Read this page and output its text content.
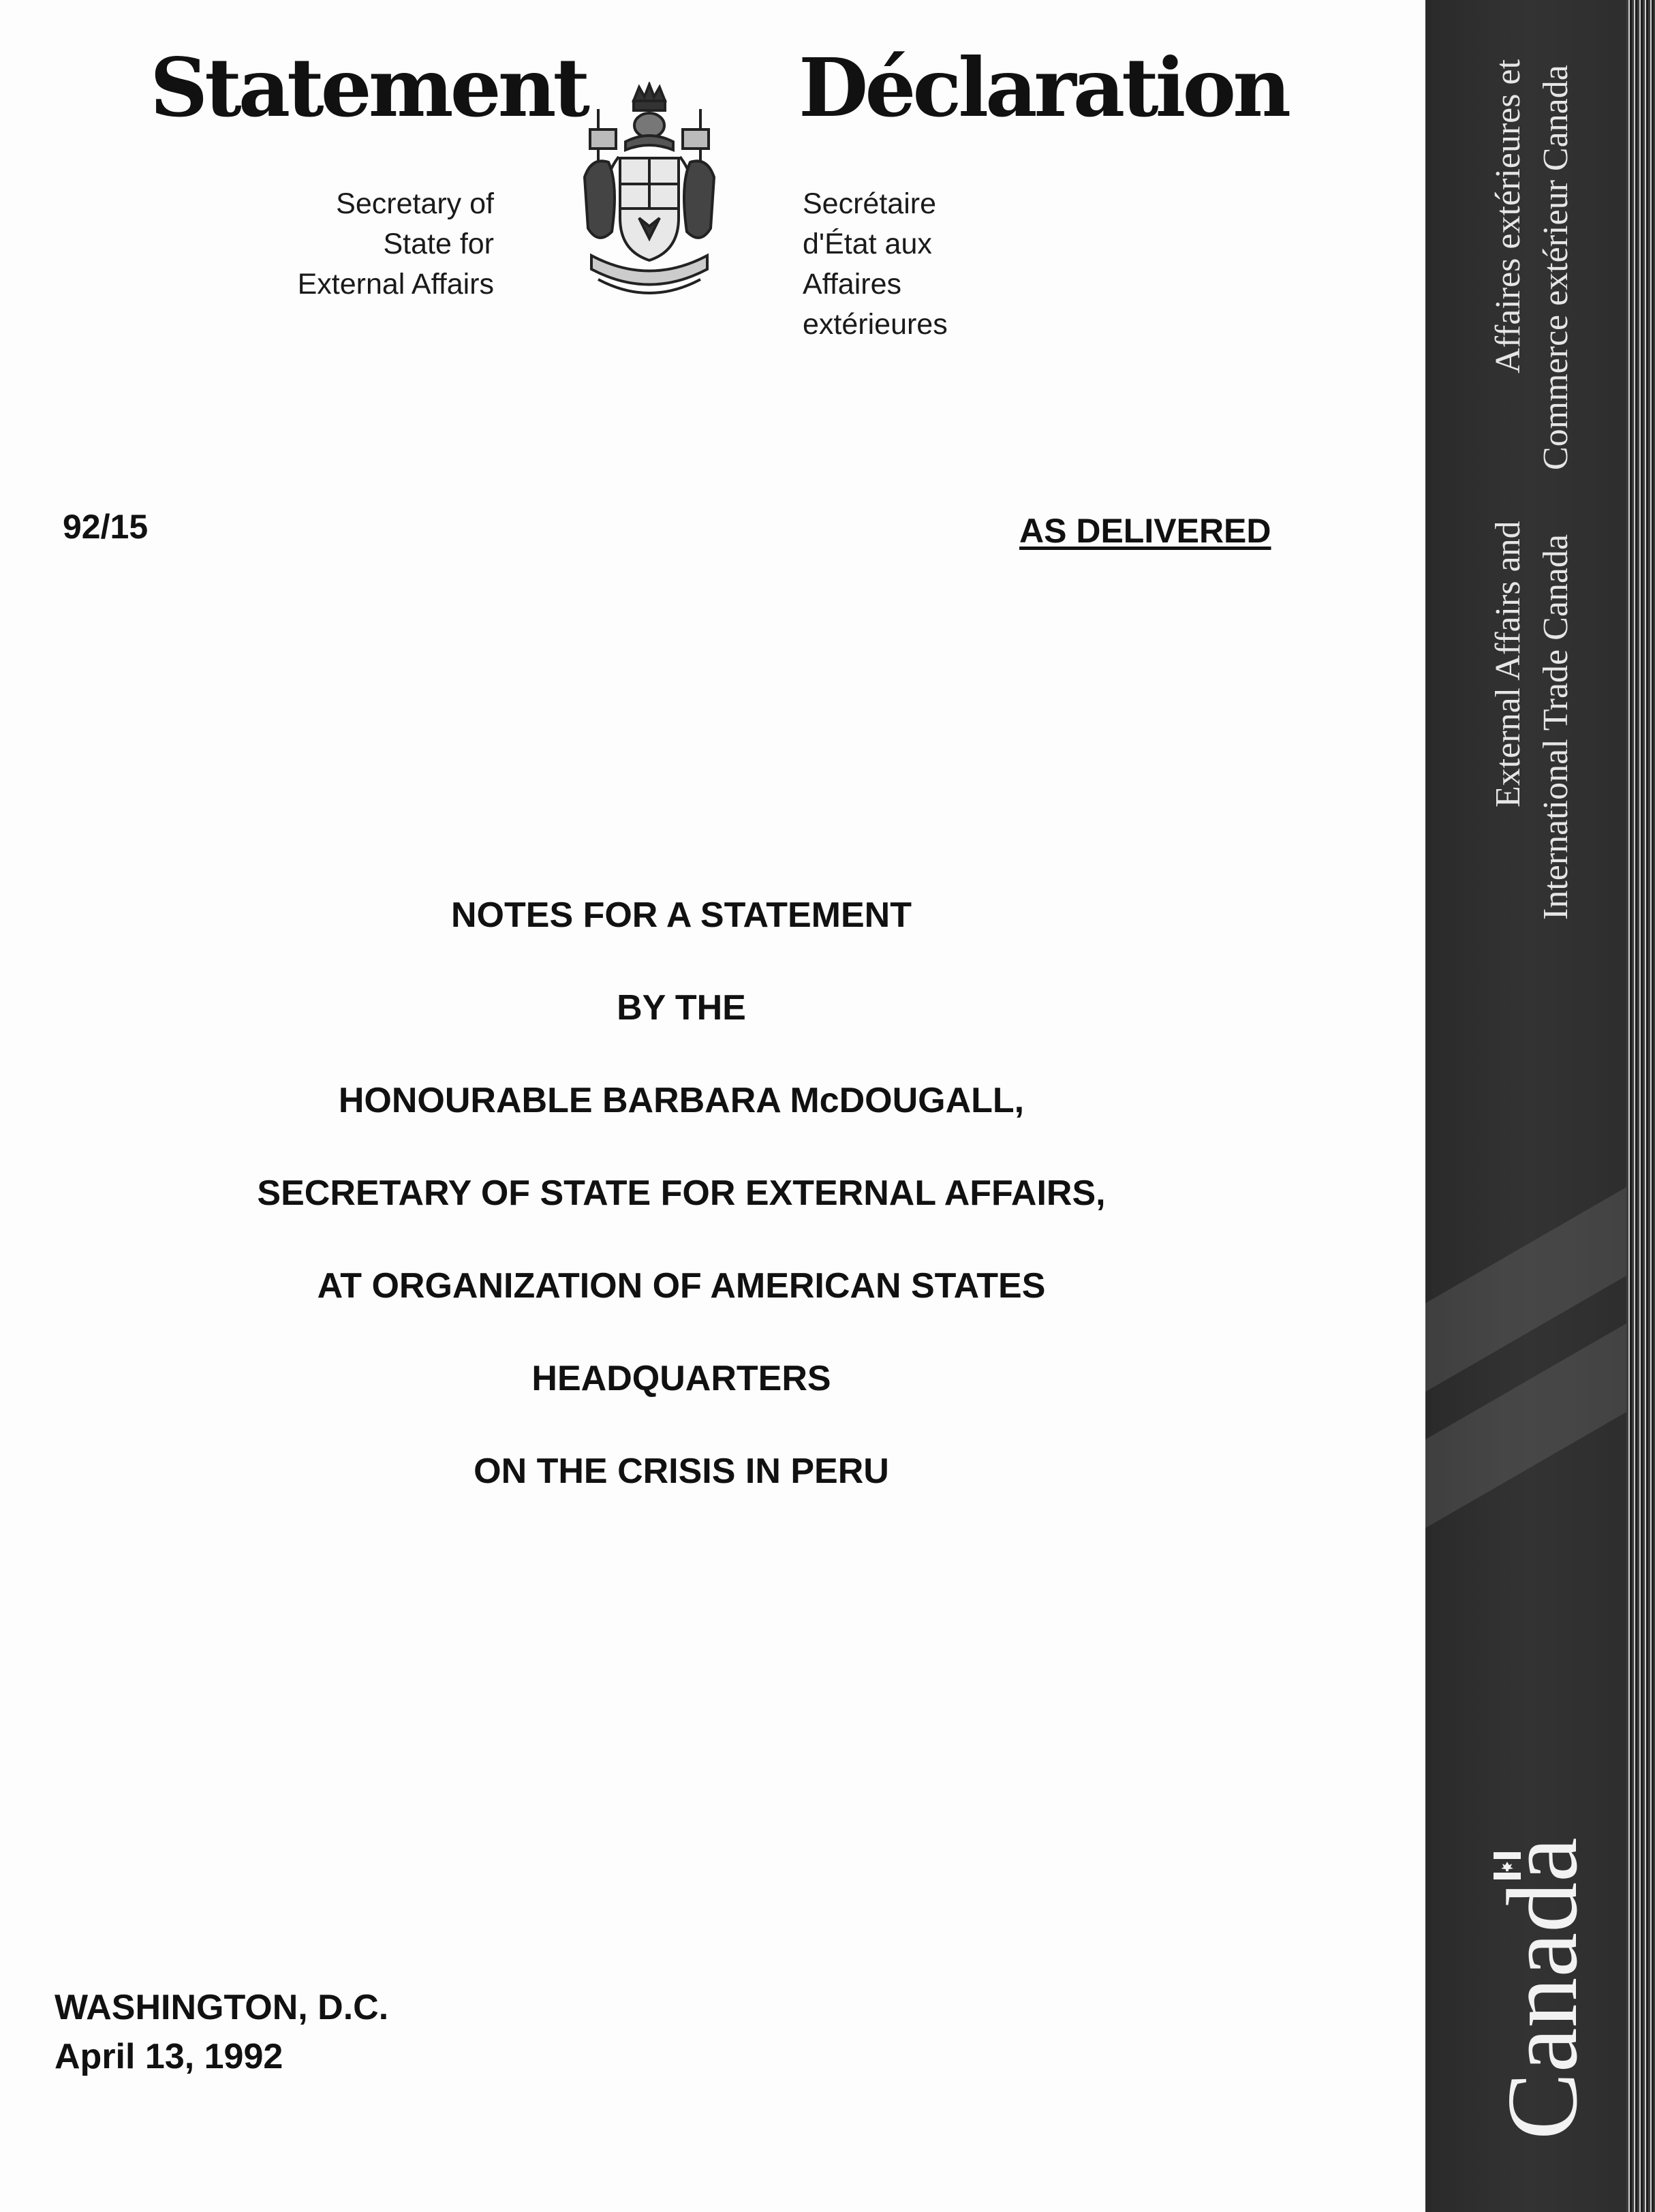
Statement	Déclaration
Secretary of
State for
External Affairs
Secrétaire
d'État aux
Affaires
extérieures
92/15	AS DELIVERED
NOTES FOR A STATEMENT
BY THE
HONOURABLE BARBARA McDOUGALL,
SECRETARY OF STATE FOR EXTERNAL AFFAIRS,
AT ORGANIZATION OF AMERICAN STATES
HEADQUARTERS
ON THE CRISIS IN PERU
WASHINGTON, D.C.
April 13, 1992
Affaires extérieures et Commerce extérieur Canada
External Affairs and International Trade Canada
Canada
